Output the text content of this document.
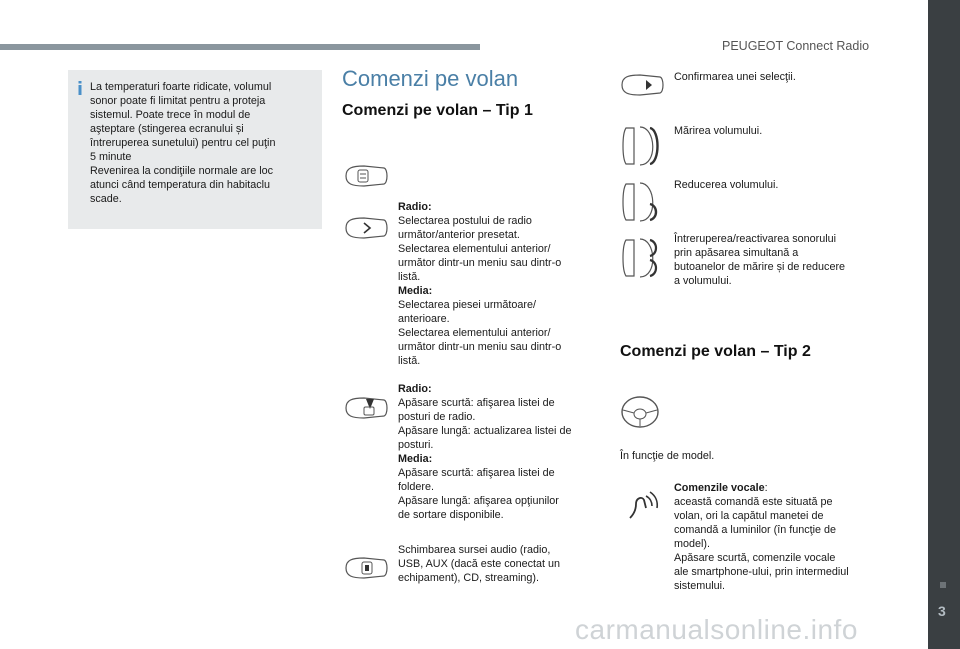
PEUGEOT Connect Radio
3
carmanualsonline.info
La temperaturi foarte ridicate, volumul
sonor poate fi limitat pentru a proteja
sistemul. Poate trece în modul de
aşteptare (stingerea ecranului și
întreruperea sunetului) pentru cel puţin
5 minute
Revenirea la condiţiile normale are loc
atunci când temperatura din habitaclu
scade.
Comenzi pe volan
Comenzi pe volan – Tip 1
Radio:
Selectarea postului de radio
următor/anterior presetat.
Selectarea elementului anterior/
următor dintr-un meniu sau dintr-o
listă.
Media:
Selectarea piesei următoare/
anterioare.
Selectarea elementului anterior/
următor dintr-un meniu sau dintr-o
listă.
Radio:
Apăsare scurtă: afişarea listei de
posturi de radio.
Apăsare lungă: actualizarea listei de
posturi.
Media:
Apăsare scurtă: afişarea listei de
foldere.
Apăsare lungă: afişarea opţiunilor
de sortare disponibile.
Schimbarea sursei audio (radio,
USB, AUX (dacă este conectat un
echipament), CD, streaming).
Confirmarea unei selecţii.
Mărirea volumului.
Reducerea volumului.
Întreruperea/reactivarea sonorului
prin apăsarea simultană a
butoanelor de mărire și de reducere
a volumului.
Comenzi pe volan – Tip 2
În funcţie de model.
Comenzile vocale:
această comandă este situată pe
volan, ori la capătul manetei de
comandă a luminilor (în funcţie de
model).
Apăsare scurtă, comenzile vocale
ale smartphone-ului, prin intermediul
sistemului.
